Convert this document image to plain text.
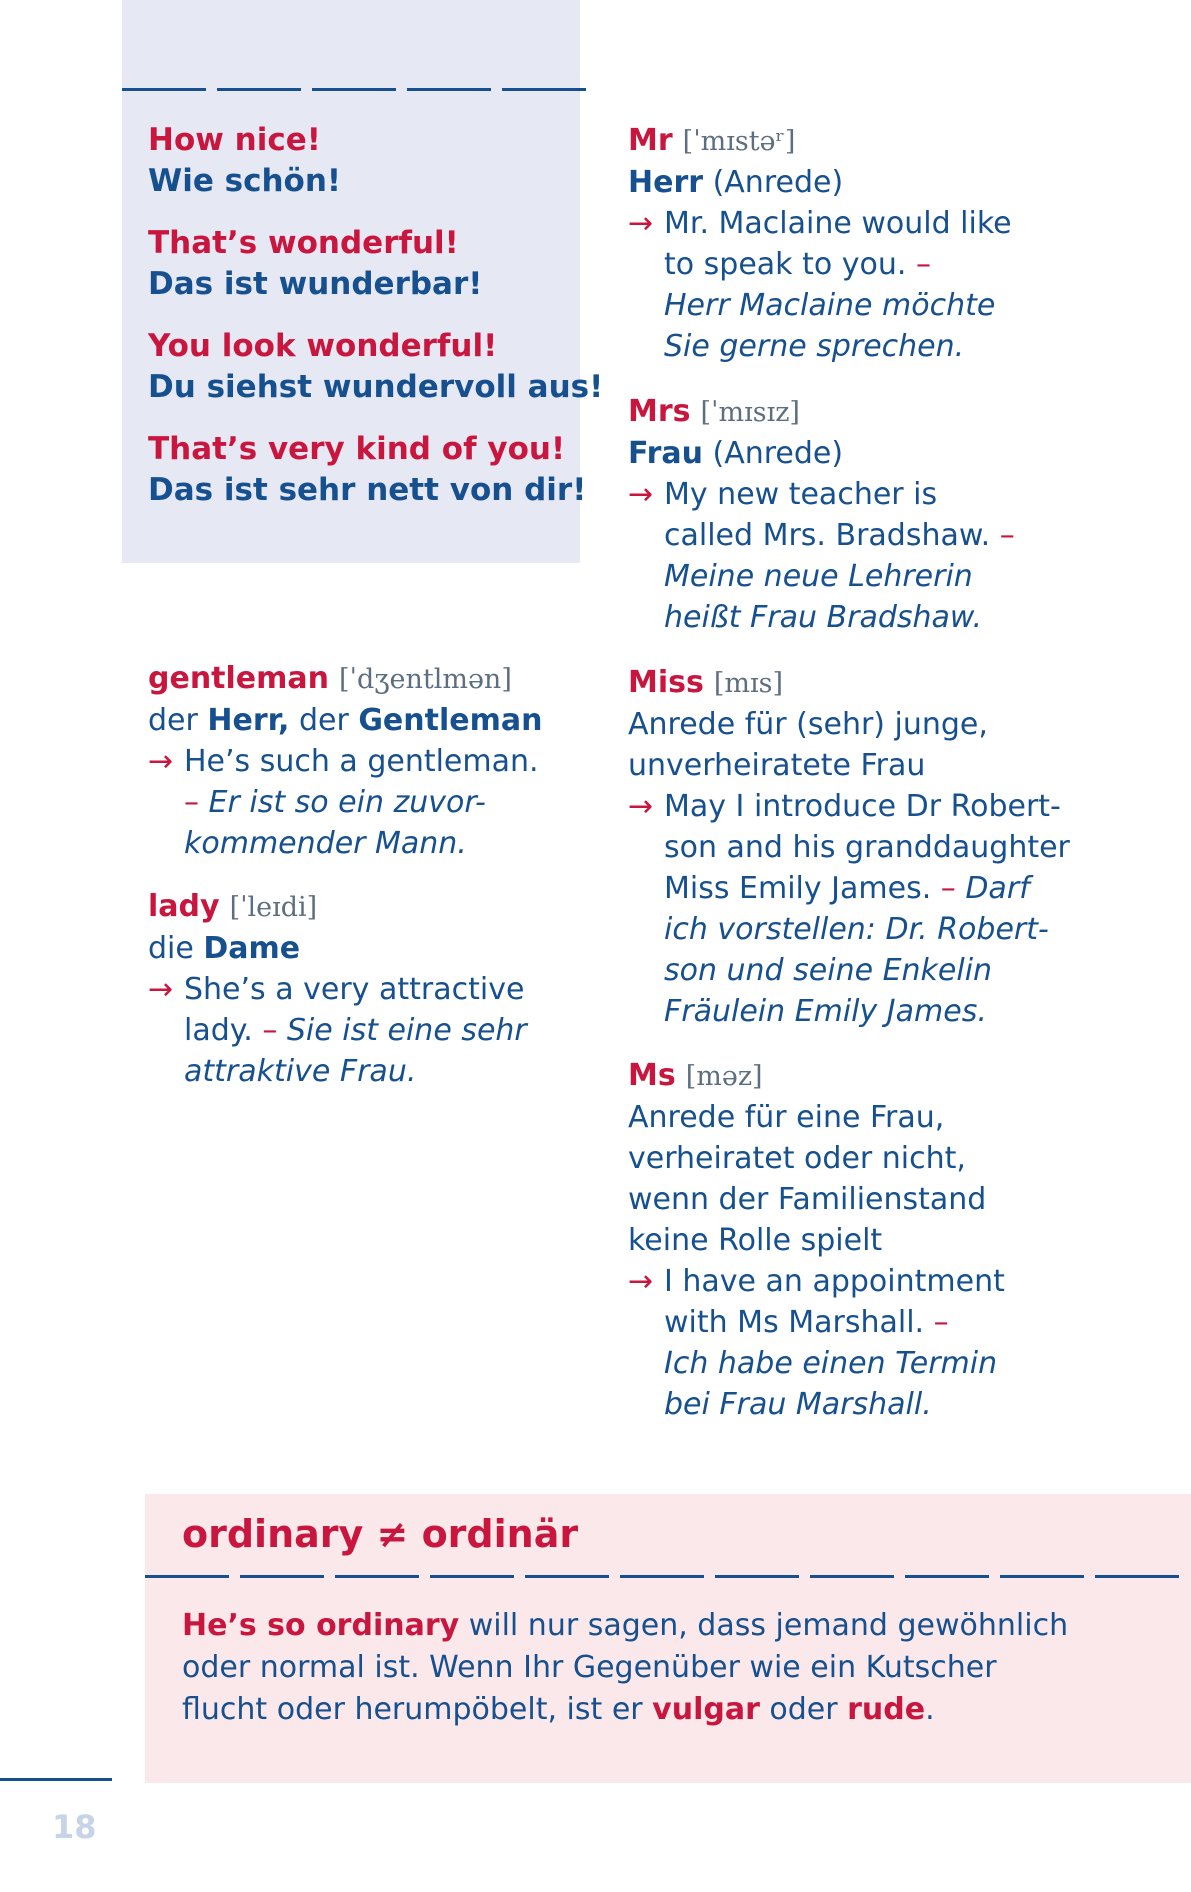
How nice!
Wie schön!
That’s wonderful!
Das ist wunderbar!
You look wonderful!
Du siehst wundervoll aus!
That’s very kind of you!
Das ist sehr nett von dir!
gentleman [ˈdʒentlmən]
der Herr, der Gentleman
→ He’s such a gentleman.
– Er ist so ein zuvor-
kommender Mann.
lady [ˈleɪdi]
die Dame
→ She’s a very attractive
lady. – Sie ist eine sehr
attraktive Frau.
Mr [ˈmɪstəʳ]
Herr (Anrede)
→ Mr. Maclaine would like
to speak to you. –
Herr Maclaine möchte
Sie gerne sprechen.
Mrs [ˈmɪsɪz]
Frau (Anrede)
→ My new teacher is
called Mrs. Bradshaw. –
Meine neue Lehrerin
heißt Frau Bradshaw.
Miss [mɪs]
Anrede für (sehr) junge,
unverheiratete Frau
→ May I introduce Dr Robert-
son and his granddaughter
Miss Emily James. – Darf
ich vorstellen: Dr. Robert-
son und seine Enkelin
Fräulein Emily James.
Ms [məz]
Anrede für eine Frau,
verheiratet oder nicht,
wenn der Familienstand
keine Rolle spielt
→ I have an appointment
with Ms Marshall. –
Ich habe einen Termin
bei Frau Marshall.
ordinary ≠ ordinär
He’s so ordinary will nur sagen, dass jemand gewöhnlich
oder normal ist. Wenn Ihr Gegenüber wie ein Kutscher
flucht oder herumpöbelt, ist er vulgar oder rude.
18
